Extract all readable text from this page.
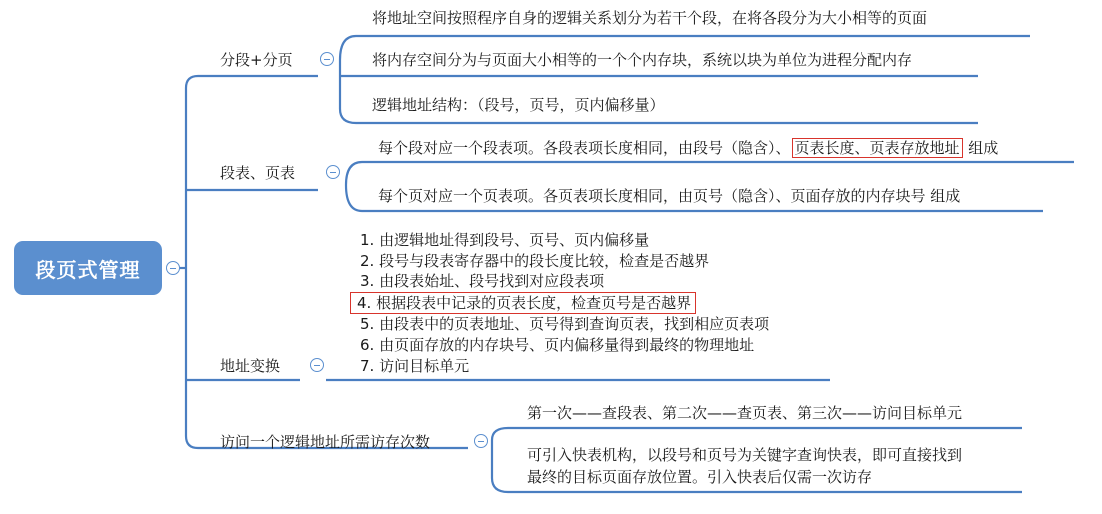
段页式管理
分段+分页
将地址空间按照程序自身的逻辑关系划分为若干个段，在将各段分为大小相等的页面
将内存空间分为与页面大小相等的一个个内存块，系统以块为单位为进程分配内存
逻辑地址结构：（段号，页号，页内偏移量）
段表、页表
每个段对应一个段表项。各段表项长度相同，由段号（隐含）、 页表长度、页表存放地址 组成
每个页对应一个页表项。各页表项长度相同，由页号（隐含）、页面存放的内存块号 组成
地址变换
1. 由逻辑地址得到段号、页号、页内偏移量
2. 段号与段表寄存器中的段长度比较，检查是否越界
3. 由段表始址、段号找到对应段表项
4. 根据段表中记录的页表长度，检查页号是否越界
5. 由段表中的页表地址、页号得到查询页表，找到相应页表项
6. 由页面存放的内存块号、页内偏移量得到最终的物理地址
7. 访问目标单元
访问一个逻辑地址所需访存次数
第一次——查段表、第二次——查页表、第三次——访问目标单元
可引入快表机构，以段号和页号为关键字查询快表，即可直接找到
最终的目标页面存放位置。引入快表后仅需一次访存
